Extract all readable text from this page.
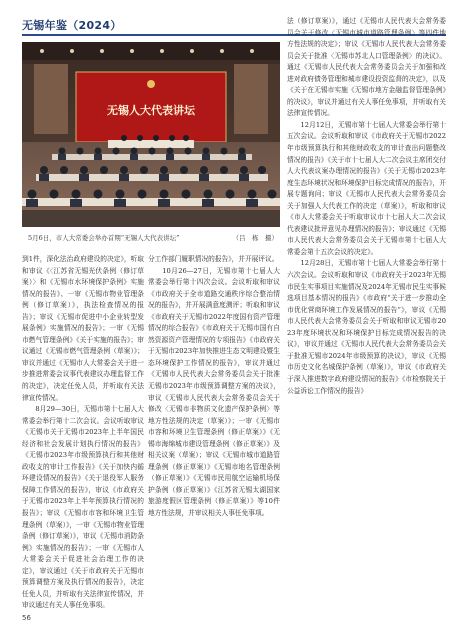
无锡年鉴（2024）
无锡人大代表讲坛

5月6日，市人大常委会举办首期“无锡人大代表讲坛”	（吕　栋　摄）

到1件，深化法治政府建设的决定》，听取和审议《〈江苏省无锡光伏条例（修订草案）〉和《无锡市水环境保护条例》实施情况的报告》、一审《无锡市物业管理条例（修订草案）》，执法检查情况的报告》；审议《无锡市促进中小企业转型发展条例》实施情况的报告》；一审《无锡市燃气管理条例》《关于实施的报告》；审议通过《无锡市燃气管理条例（草案）》；审议并通过《无锡市人大常委会关于进一步推进常委会议事代表建议办理监督工作的决定》，决定任免人员，并听取有关法律宣传情况。
　　8月29—30日，无锡市第十七届人大常委会举行第十二次会议。会议听取审议《无锡市关于无锡市2023年上半年国民经济和社会发展计划执行情况的报告》《无锡市2023年市级预算执行和其他财政收支的审计工作报告》《关于加快内循环建设情况的报告》《关于退役军人服务保障工作情况的报告》，审议《市政府关于无锡市2023年上半年预算执行情况的报告》；审议《无锡市市容和环境卫生管理条例（草案）》，一审《无锡市物业管理条例（修订草案）》，审议《无锡市消防条例》实施情况的报告》；一审《无锡市人大常委会关于促进社会治理工作的决定》，审议通过《关于市政府关于无锡市预算调整方案及执行情况的报告》，决定任免人员，并听取有关法律宣传情况，并审议通过有关人事任免事项。
分工作部门履职情况的报告》，并开展评议。
　　10月26—27日，无锡市第十七届人大常委会举行第十四次会议。会议听取和审议《市政府关于全市道路交通秩序综合整治情况的报告》，并开展满意度测评；听取和审议《市政府关于无锡市2022年度国有资产管理情况的综合报告》《市政府关于无锡市国有自然资源资产管理情况的专项报告》《市政府关于无锡市2023年加快推进生态文明建设暨生态环境保护工作情况的报告》，审议并通过《无锡市人民代表大会常务委员会关于批准无锡市2023年市级预算调整方案的决议》，审议《无锡市人民代表大会常务委员会关于修改〈无锡市非物质文化遗产保护条例〉等地方性法规的决定（草案）》；一审《无锡市市容和环境卫生管理条例（修正草案）》《无锡市海绵城市建设管理条例（修正草案）》及相关议案（草案）；审议《无锡市城市道路管理条例（修正草案）》《无锡市地名管理条例（修正草案）》《无锡市民用航空运输机场保护条例（修正草案）》《江苏省无锡太湖国家旅游度假区管理条例（修正草案）》等10件地方性法规，并审议相关人事任免事项。
法（修订草案）》，通过《无锡市人民代表大会常务委员会关于修改〈无锡市城市道路管理条例〉等四件地方性法规的决定》；审议《无锡市人民代表大会常务委员会关于批准〈无锡市苏北人口管理条例〉的决议》。通过《无锡市人民代表大会常务委员会关于加强和改进对政府债务管理和城市建设投资监督的决定》，以及《关于在无锡市实施《无锡市地方金融监督管理条例》的决议》，审议并通过有关人事任免事项，并听取有关法律宣传情况。
　　12月12日，无锡市第十七届人大常委会举行第十五次会议。会议听取和审议《市政府关于无锡市2022年市级预算执行和其他财政收支的审计查出问题整改情况的报告》《关于市十七届人大二次会议主席团交付人大代表议案办理情况的报告》《关于无锡市2023年度生态环境状况和环境保护目标完成情况的报告》，开展专题询问；审议《无锡市人民代表大会常务委员会关于加强人大代表工作的决定（草案）》，听取和审议《市人大常委会关于听取审议市十七届人大二次会议代表建议批评意见办理情况的报告》；审议通过《无锡市人民代表大会常务委员会关于无锡市第十七届人大常委会第十五次会议的决定》。
　　12月28日，无锡市第十七届人大常委会举行第十六次会议。会议听取和审议《市政府关于2023年无锡市民生实事项目实施情况及2024年无锡市民生实事候选项目基本情况的报告》《市政府“关于进一步推动全市优化营商环境工作发展情况的报告”》，审议《无锡市人民代表大会常务委员会关于听取和审议无锡市2023年度环境状况和环境保护目标完成情况报告的决议》，审议并通过《无锡市人民代表大会常务委员会关于批准无锡市2024年市级预算的决议》，审议《无锡市历史文化名城保护条例（草案）》，审议《市政府关于深入推进数字政府建设情况的报告》《市检察院关于公益诉讼工作情况的报告》

56
